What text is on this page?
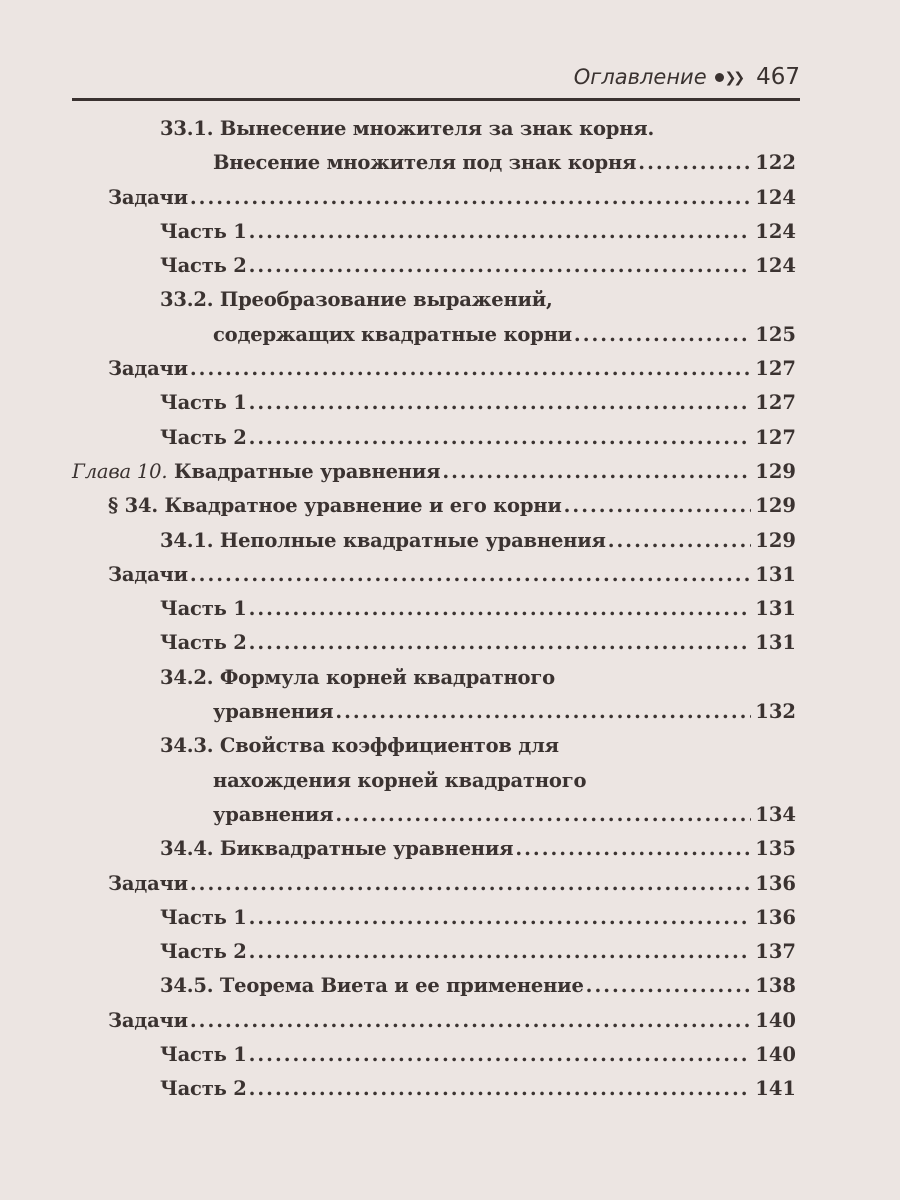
Оглавление ❯❯ 467
33.1. Вынесение множителя за знак корня.
Внесение множителя под знак корня .....	122
Задачи .....	124
Часть 1 .....	124
Часть 2 .....	124
33.2. Преобразование выражений,
содержащих квадратные корни .....	125
Задачи .....	127
Часть 1 .....	127
Часть 2 .....	127
Глава 10. Квадратные уравнения .....	129
§ 34. Квадратное уравнение и его корни .....	129
34.1. Неполные квадратные уравнения .....	129
Задачи .....	131
Часть 1 .....	131
Часть 2 .....	131
34.2. Формула корней квадратного
уравнения .....	132
34.3. Свойства коэффициентов для
нахождения корней квадратного
уравнения .....	134
34.4. Биквадратные уравнения .....	135
Задачи .....	136
Часть 1 .....	136
Часть 2 .....	137
34.5. Теорема Виета и ее применение .....	138
Задачи .....	140
Часть 1 .....	140
Часть 2 .....	141
